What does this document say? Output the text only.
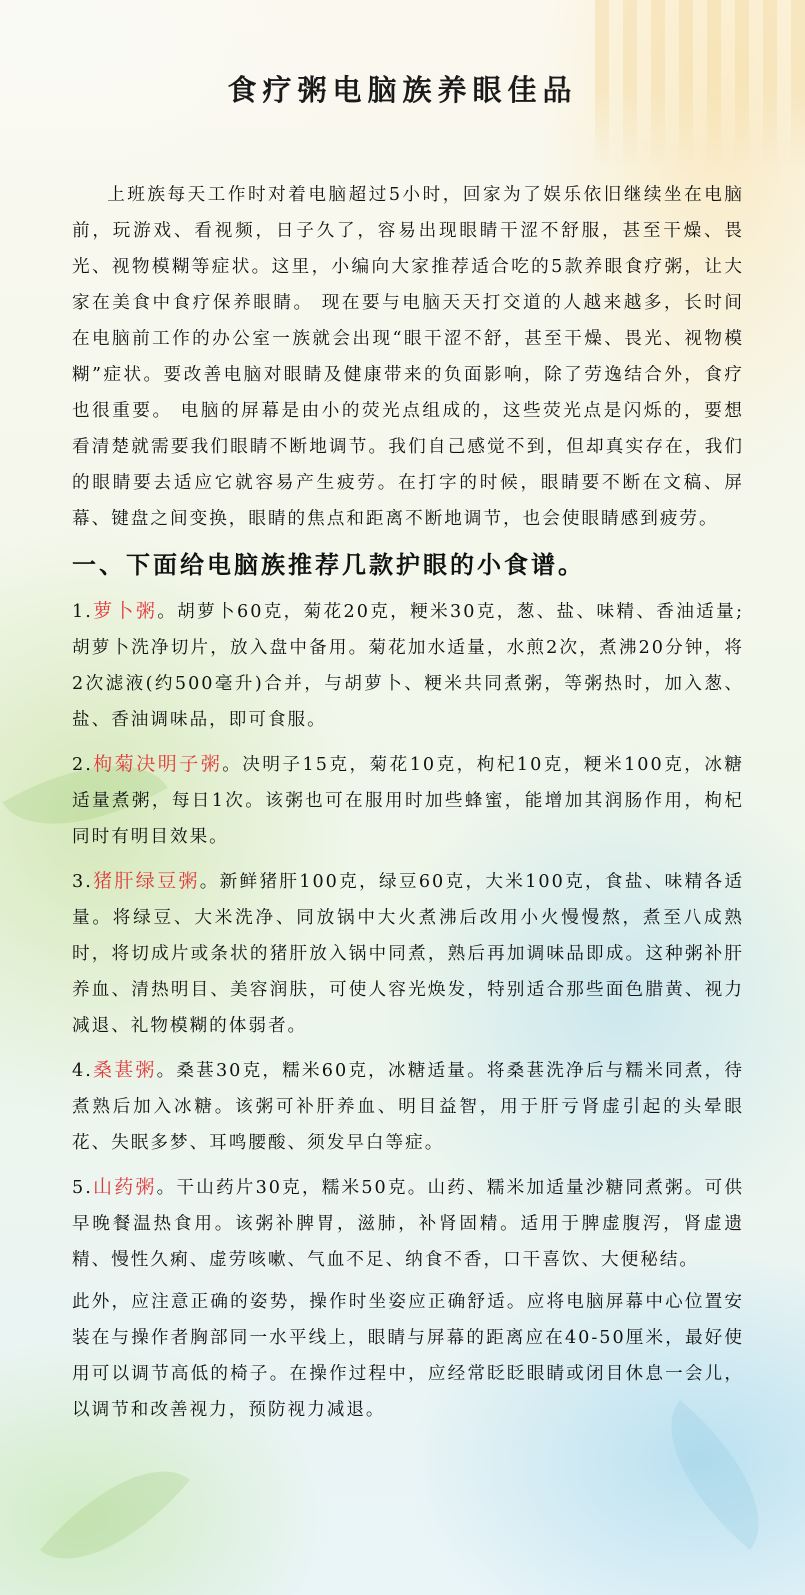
食疗粥电脑族养眼佳品

上班族每天工作时对着电脑超过5小时，回家为了娱乐依旧继续坐在电脑前，玩游戏、看视频，日子久了，容易出现眼睛干涩不舒服，甚至干燥、畏光、视物模糊等症状。这里，小编向大家推荐适合吃的5款养眼食疗粥，让大家在美食中食疗保养眼睛。 现在要与电脑天天打交道的人越来越多，长时间在电脑前工作的办公室一族就会出现“眼干涩不舒，甚至干燥、畏光、视物模糊”症状。要改善电脑对眼睛及健康带来的负面影响，除了劳逸结合外，食疗也很重要。 电脑的屏幕是由小的荧光点组成的，这些荧光点是闪烁的，要想看清楚就需要我们眼睛不断地调节。我们自己感觉不到，但却真实存在，我们的眼睛要去适应它就容易产生疲劳。在打字的时候，眼睛要不断在文稿、屏幕、键盘之间变换，眼睛的焦点和距离不断地调节，也会使眼睛感到疲劳。

一、下面给电脑族推荐几款护眼的小食谱。

1.萝卜粥。胡萝卜60克，菊花20克，粳米30克，葱、盐、味精、香油适量;胡萝卜洗净切片，放入盘中备用。菊花加水适量，水煎2次，煮沸20分钟，将2次滤液(约500毫升)合并，与胡萝卜、粳米共同煮粥，等粥热时，加入葱、盐、香油调味品，即可食服。

2.枸菊决明子粥。决明子15克，菊花10克，枸杞10克，粳米100克，冰糖适量煮粥，每日1次。该粥也可在服用时加些蜂蜜，能增加其润肠作用，枸杞同时有明目效果。

3.猪肝绿豆粥。新鲜猪肝100克，绿豆60克，大米100克，食盐、味精各适量。将绿豆、大米洗净、同放锅中大火煮沸后改用小火慢慢熬，煮至八成熟时，将切成片或条状的猪肝放入锅中同煮，熟后再加调味品即成。这种粥补肝养血、清热明目、美容润肤，可使人容光焕发，特别适合那些面色腊黄、视力减退、礼物模糊的体弱者。

4.桑葚粥。桑葚30克，糯米60克，冰糖适量。将桑葚洗净后与糯米同煮，待煮熟后加入冰糖。该粥可补肝养血、明目益智，用于肝亏肾虚引起的头晕眼花、失眠多梦、耳鸣腰酸、须发早白等症。

5.山药粥。干山药片30克，糯米50克。山药、糯米加适量沙糖同煮粥。可供早晚餐温热食用。该粥补脾胃，滋肺，补肾固精。适用于脾虚腹泻，肾虚遗精、慢性久痢、虚劳咳嗽、气血不足、纳食不香，口干喜饮、大便秘结。

此外，应注意正确的姿势，操作时坐姿应正确舒适。应将电脑屏幕中心位置安装在与操作者胸部同一水平线上，眼睛与屏幕的距离应在40-50厘米，最好使用可以调节高低的椅子。在操作过程中，应经常眨眨眼睛或闭目休息一会儿，以调节和改善视力，预防视力减退。
